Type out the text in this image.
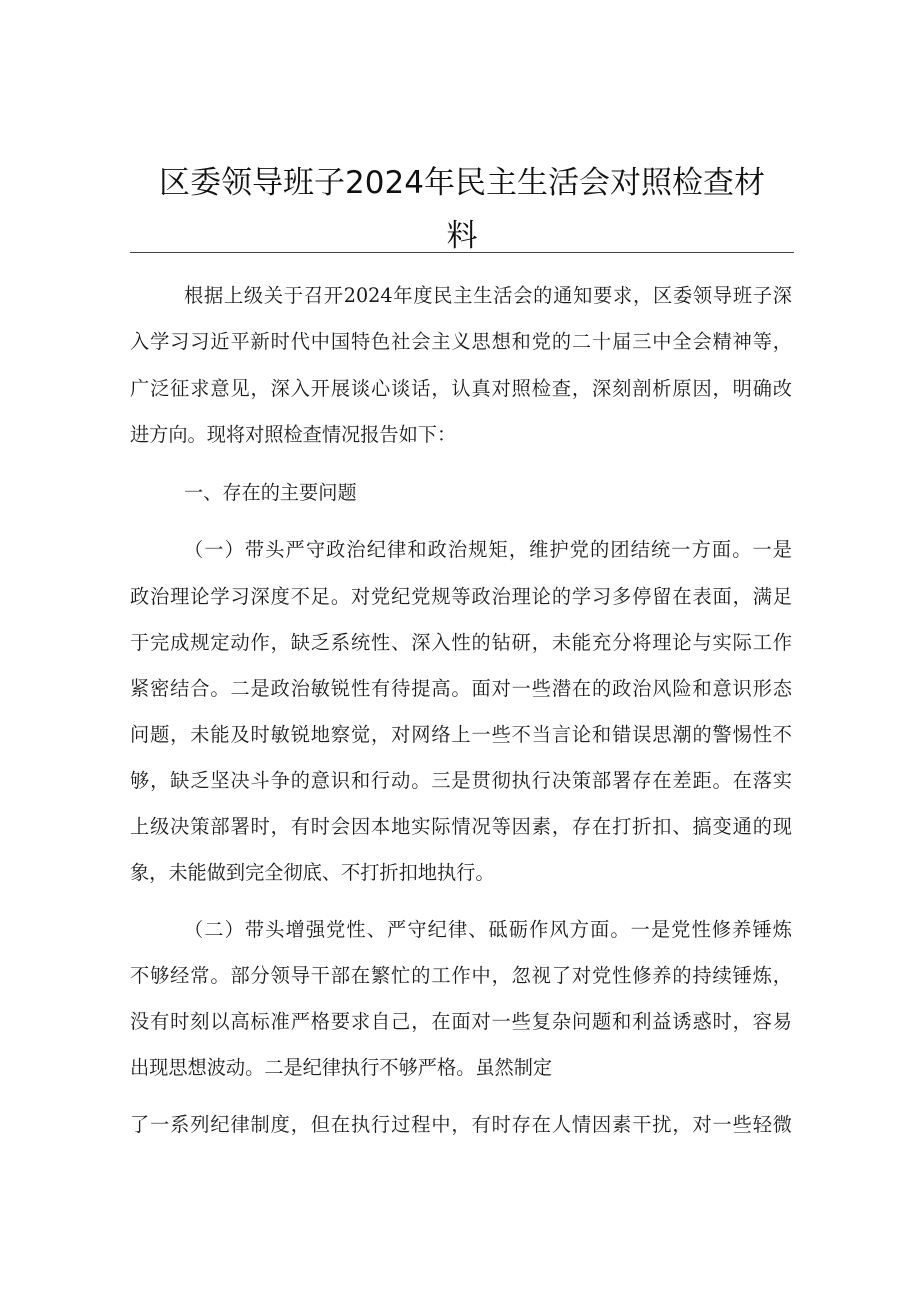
区委领导班子2024年民主生活会对照检查材
料
根据上级关于召开2024年度民主生活会的通知要求，区委领导班子深
入学习习近平新时代中国特色社会主义思想和党的二十届三中全会精神等，
广泛征求意见，深入开展谈心谈话，认真对照检查，深刻剖析原因，明确改
进方向。现将对照检查情况报告如下：
一、存在的主要问题
（一）带头严守政治纪律和政治规矩，维护党的团结统一方面。一是
政治理论学习深度不足。对党纪党规等政治理论的学习多停留在表面，满足
于完成规定动作，缺乏系统性、深入性的钻研，未能充分将理论与实际工作
紧密结合。二是政治敏锐性有待提高。面对一些潜在的政治风险和意识形态
问题，未能及时敏锐地察觉，对网络上一些不当言论和错误思潮的警惕性不
够，缺乏坚决斗争的意识和行动。三是贯彻执行决策部署存在差距。在落实
上级决策部署时，有时会因本地实际情况等因素，存在打折扣、搞变通的现
象，未能做到完全彻底、不打折扣地执行。
（二）带头增强党性、严守纪律、砥砺作风方面。一是党性修养锤炼
不够经常。部分领导干部在繁忙的工作中，忽视了对党性修养的持续锤炼，
没有时刻以高标准严格要求自己，在面对一些复杂问题和利益诱惑时，容易
出现思想波动。二是纪律执行不够严格。虽然制定
了一系列纪律制度，但在执行过程中，有时存在人情因素干扰，对一些轻微
